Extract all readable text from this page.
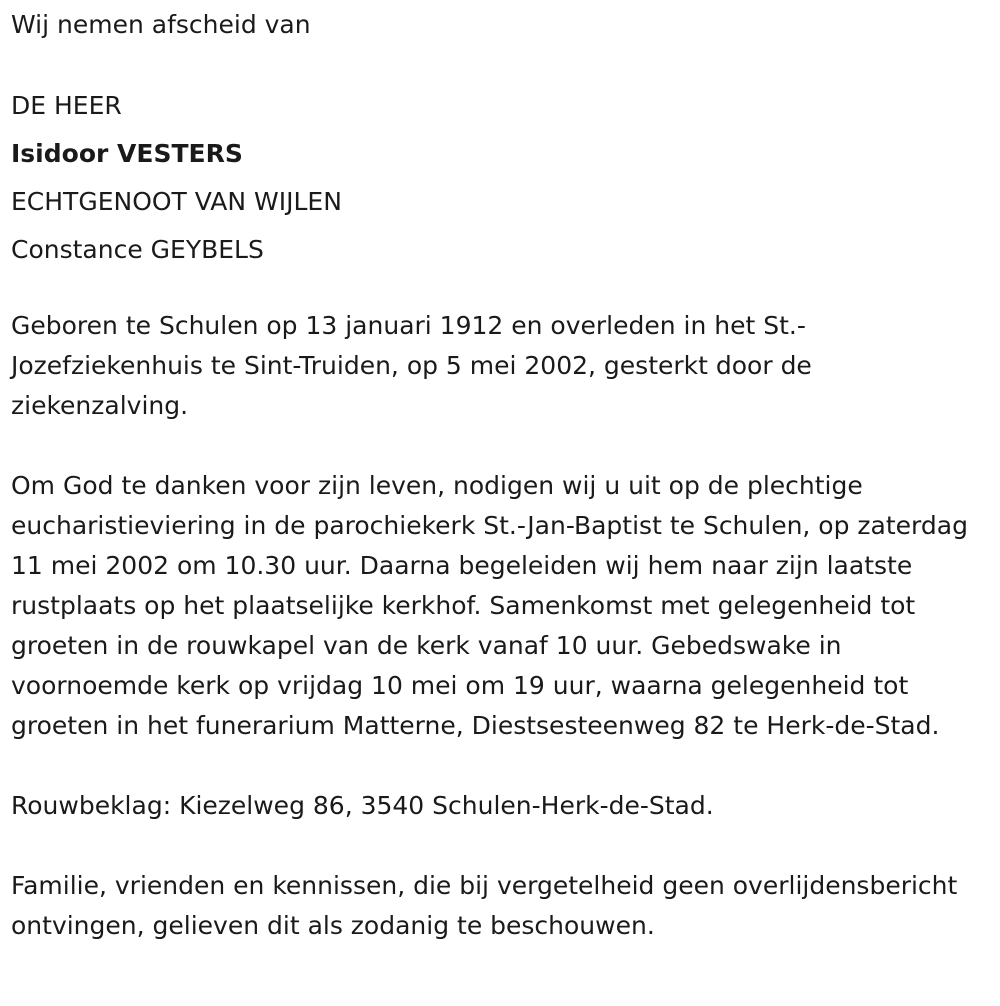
Wij nemen afscheid van
DE HEER
Isidoor VESTERS
ECHTGENOOT VAN WIJLEN
Constance GEYBELS

Geboren te Schulen op 13 januari 1912 en overleden in het St.-Jozefziekenhuis te Sint-Truiden, op 5 mei 2002, gesterkt door de ziekenzalving.

Om God te danken voor zijn leven, nodigen wij u uit op de plechtige eucharistieviering in de parochiekerk St.-Jan-Baptist te Schulen, op zaterdag 11 mei 2002 om 10.30 uur. Daarna begeleiden wij hem naar zijn laatste rustplaats op het plaatselijke kerkhof. Samenkomst met gelegenheid tot groeten in de rouwkapel van de kerk vanaf 10 uur. Gebedswake in voornoemde kerk op vrijdag 10 mei om 19 uur, waarna gelegenheid tot groeten in het funerarium Matterne, Diestsesteenweg 82 te Herk-de-Stad.

Rouwbeklag: Kiezelweg 86, 3540 Schulen-Herk-de-Stad.

Familie, vrienden en kennissen, die bij vergetelheid geen overlijdensbericht ontvingen, gelieven dit als zodanig te beschouwen.
